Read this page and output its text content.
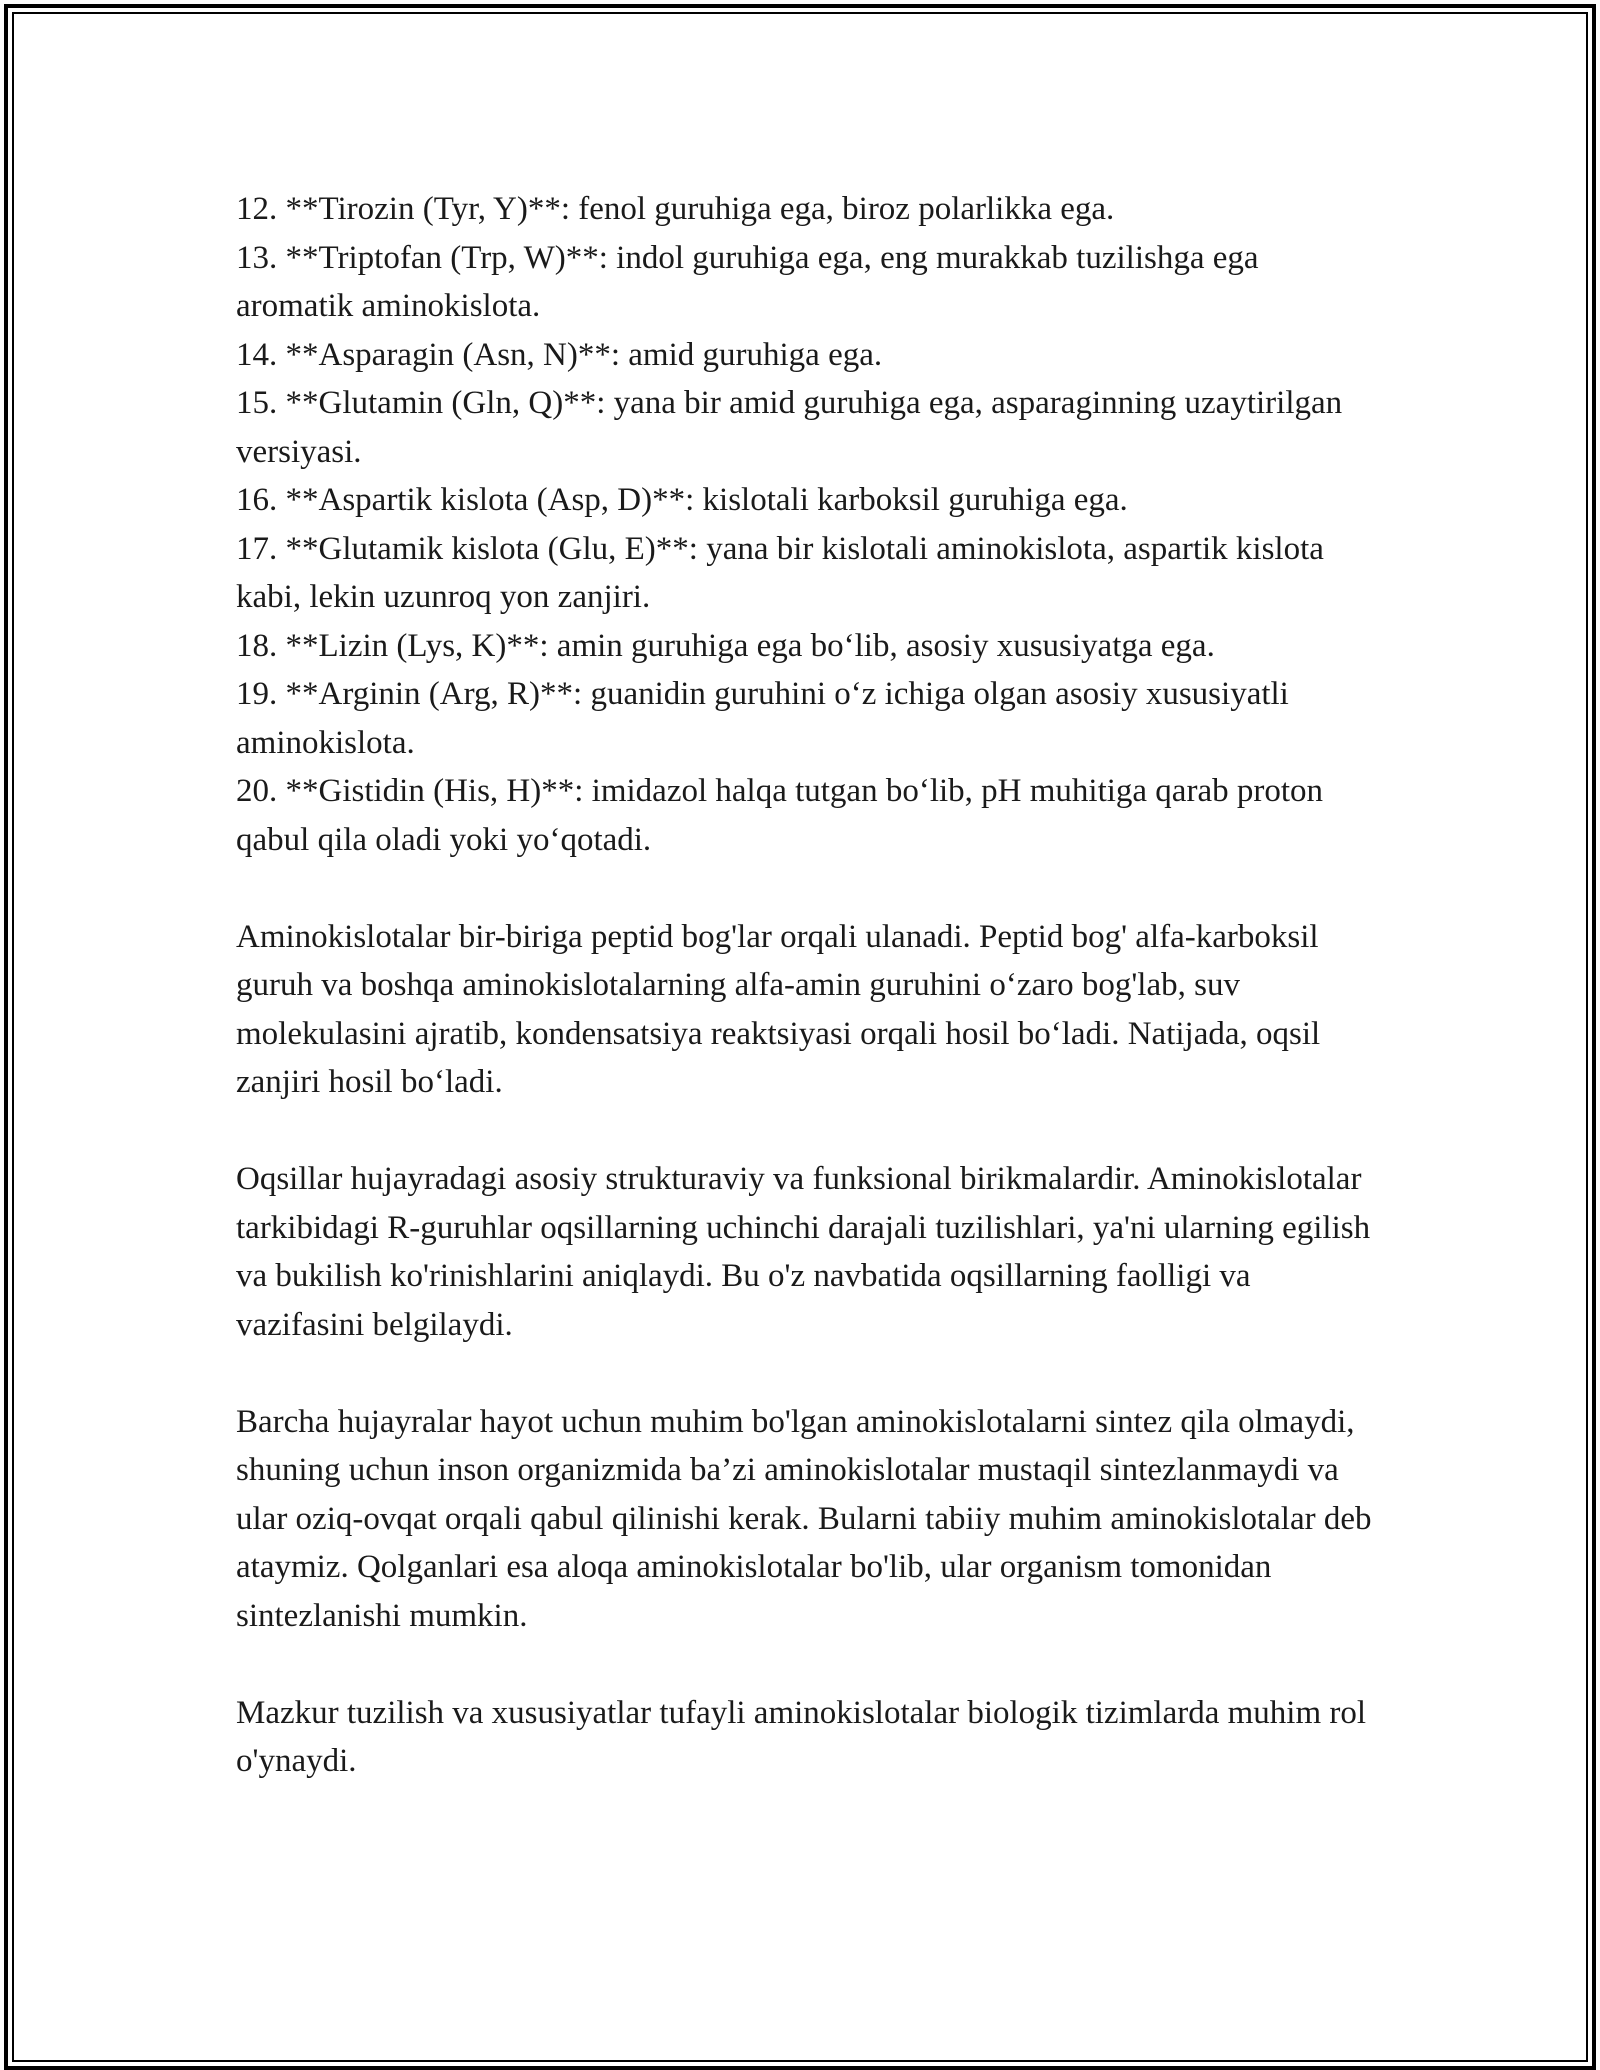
12. **Tirozin (Tyr, Y)**: fenol guruhiga ega, biroz polarlikka ega.

13. **Triptofan (Trp, W)**: indol guruhiga ega, eng murakkab tuzilishga ega aromatik aminokislota.

14. **Asparagin (Asn, N)**: amid guruhiga ega.

15. **Glutamin (Gln, Q)**: yana bir amid guruhiga ega, asparaginning uzaytirilgan versiyasi.

16. **Aspartik kislota (Asp, D)**: kislotali karboksil guruhiga ega.

17. **Glutamik kislota (Glu, E)**: yana bir kislotali aminokislota, aspartik kislota kabi, lekin uzunroq yon zanjiri.

18. **Lizin (Lys, K)**: amin guruhiga ega bo‘lib, asosiy xususiyatga ega.

19. **Arginin (Arg, R)**: guanidin guruhini o‘z ichiga olgan asosiy xususiyatli aminokislota.

20. **Gistidin (His, H)**: imidazol halqa tutgan bo‘lib, pH muhitiga qarab proton qabul qila oladi yoki yo‘qotadi.

Aminokislotalar bir-biriga peptid bog'lar orqali ulanadi. Peptid bog' alfa-karboksil guruh va boshqa aminokislotalarning alfa-amin guruhini o‘zaro bog'lab, suv molekulasini ajratib, kondensatsiya reaktsiyasi orqali hosil bo‘ladi. Natijada, oqsil zanjiri hosil bo‘ladi.

Oqsillar hujayradagi asosiy strukturaviy va funksional birikmalardir. Aminokislotalar tarkibidagi R-guruhlar oqsillarning uchinchi darajali tuzilishlari, ya'ni ularning egilish va bukilish ko'rinishlarini aniqlaydi. Bu o'z navbatida oqsillarning faolligi va vazifasini belgilaydi.

Barcha hujayralar hayot uchun muhim bo'lgan aminokislotalarni sintez qila olmaydi, shuning uchun inson organizmida ba’zi aminokislotalar mustaqil sintezlanmaydi va ular oziq-ovqat orqali qabul qilinishi kerak. Bularni tabiiy muhim aminokislotalar deb ataymiz. Qolganlari esa aloqa aminokislotalar bo'lib, ular organism tomonidan sintezlanishi mumkin.

Mazkur tuzilish va xususiyatlar tufayli aminokislotalar biologik tizimlarda muhim rol o'ynaydi.
